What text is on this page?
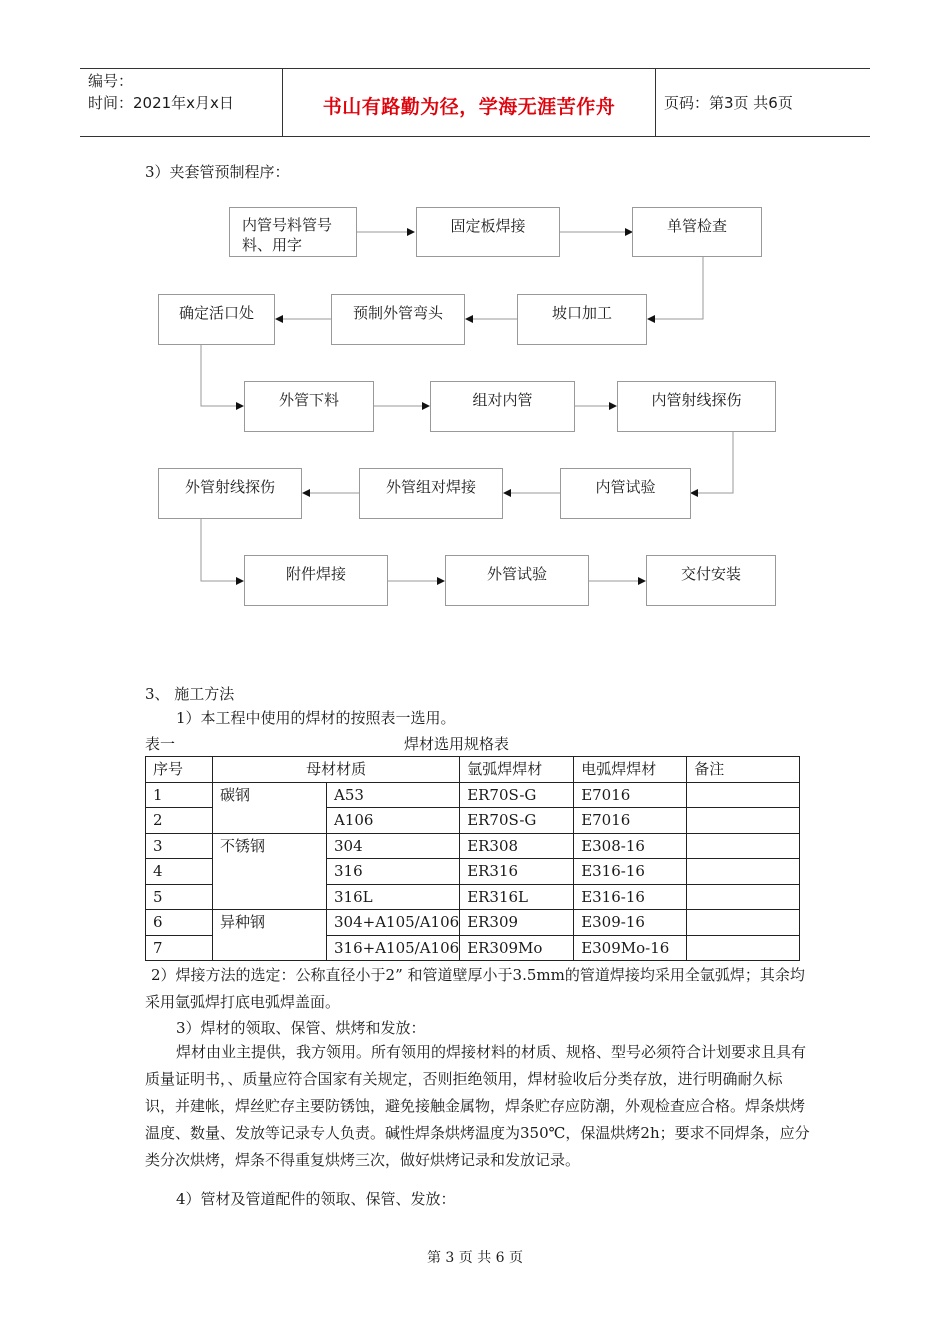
编号：
时间：2021年x月x日	书山有路勤为径，学海无涯苦作舟	页码：第3页 共6页
3）夹套管预制程序：
内管号料管号料、用字
固定板焊接	单管检查
坡口加工
预制外管弯头
确定活口处
外管下料	组对内管	内管射线探伤
内管试验
外管组对焊接
外管射线探伤
附件焊接	外管试验	交付安装
3、 施工方法
1）本工程中使用的焊材的按照表一选用。
表一	焊材选用规格表
序号	母材材质		氩弧焊焊材	电弧焊焊材	备注
1	碳钢	A53	ER70S-G	E7016	
2		A106	ER70S-G	E7016	
3	不锈钢	304	ER308	E308-16	
4		316	ER316	E316-16	
5		316L	ER316L	E316-16	
6	异种钢	304+A105/A106	ER309	E309-16	
7		316+A105/A106	ER309Mo	E309Mo-16	
2）焊接方法的选定：公称直径小于2” 和管道壁厚小于3.5mm的管道焊接均采用全氩弧焊；其余均采用氩弧焊打底电弧焊盖面。
3）焊材的领取、保管、烘烤和发放：
焊材由业主提供，我方领用。所有领用的焊接材料的材质、规格、型号必须符合计划要求且具有质量证明书，、质量应符合国家有关规定，否则拒绝领用，焊材验收后分类存放，进行明确耐久标识，并建帐，焊丝贮存主要防锈蚀，避免接触金属物，焊条贮存应防潮，外观检查应合格。焊条烘烤温度、数量、发放等记录专人负责。碱性焊条烘烤温度为350℃，保温烘烤2h；要求不同焊条，应分类分次烘烤，焊条不得重复烘烤三次，做好烘烤记录和发放记录。
4）管材及管道配件的领取、保管、发放：
第 3 页 共 6 页
